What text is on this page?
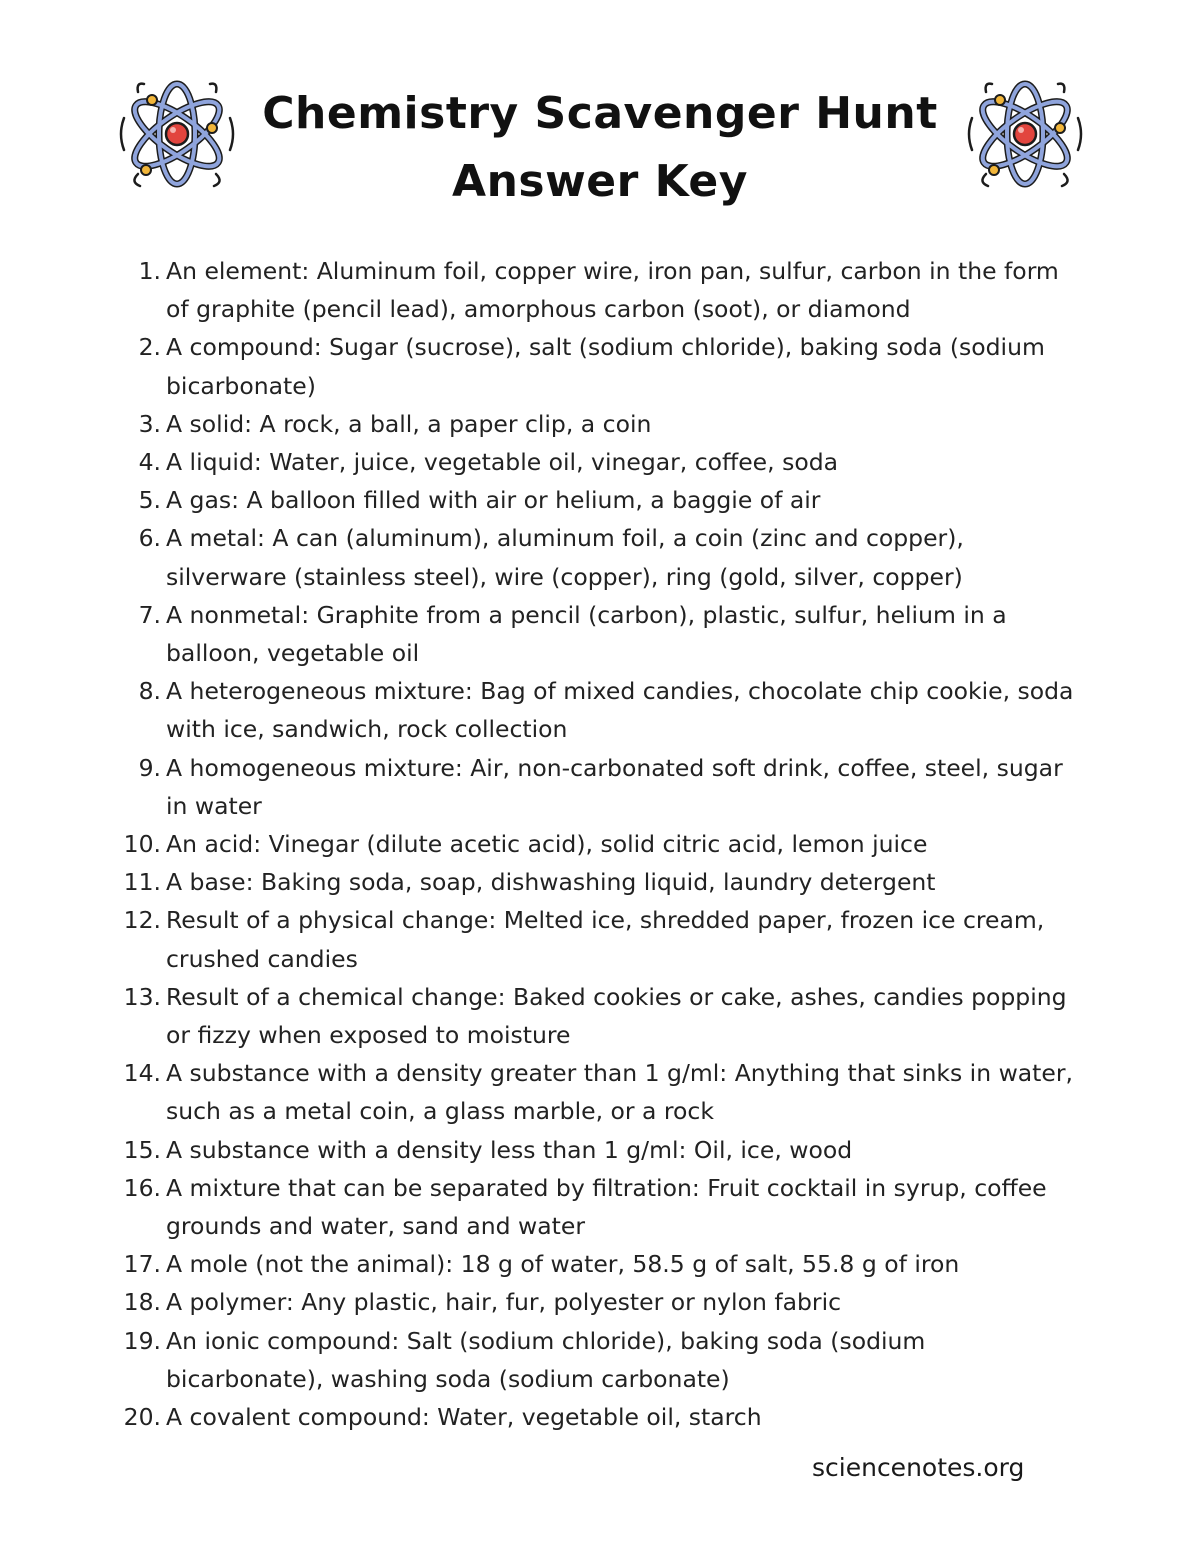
Chemistry Scavenger Hunt
Answer Key
1. An element: Aluminum foil, copper wire, iron pan, sulfur, carbon in the form of graphite (pencil lead), amorphous carbon (soot), or diamond
2. A compound: Sugar (sucrose), salt (sodium chloride), baking soda (sodium bicarbonate)
3. A solid: A rock, a ball, a paper clip, a coin
4. A liquid: Water, juice, vegetable oil, vinegar, coffee, soda
5. A gas: A balloon filled with air or helium, a baggie of air
6. A metal: A can (aluminum), aluminum foil, a coin (zinc and copper), silverware (stainless steel), wire (copper), ring (gold, silver, copper)
7. A nonmetal: Graphite from a pencil (carbon), plastic, sulfur, helium in a balloon, vegetable oil
8. A heterogeneous mixture: Bag of mixed candies, chocolate chip cookie, soda with ice, sandwich, rock collection
9. A homogeneous mixture: Air, non-carbonated soft drink, coffee, steel, sugar in water
10. An acid: Vinegar (dilute acetic acid), solid citric acid, lemon juice
11. A base: Baking soda, soap, dishwashing liquid, laundry detergent
12. Result of a physical change: Melted ice, shredded paper, frozen ice cream, crushed candies
13. Result of a chemical change: Baked cookies or cake, ashes, candies popping or fizzy when exposed to moisture
14. A substance with a density greater than 1 g/ml: Anything that sinks in water, such as a metal coin, a glass marble, or a rock
15. A substance with a density less than 1 g/ml: Oil, ice, wood
16. A mixture that can be separated by filtration: Fruit cocktail in syrup, coffee grounds and water, sand and water
17. A mole (not the animal): 18 g of water, 58.5 g of salt, 55.8 g of iron
18. A polymer: Any plastic, hair, fur, polyester or nylon fabric
19. An ionic compound: Salt (sodium chloride), baking soda (sodium bicarbonate), washing soda (sodium carbonate)
20. A covalent compound: Water, vegetable oil, starch
sciencenotes.org
